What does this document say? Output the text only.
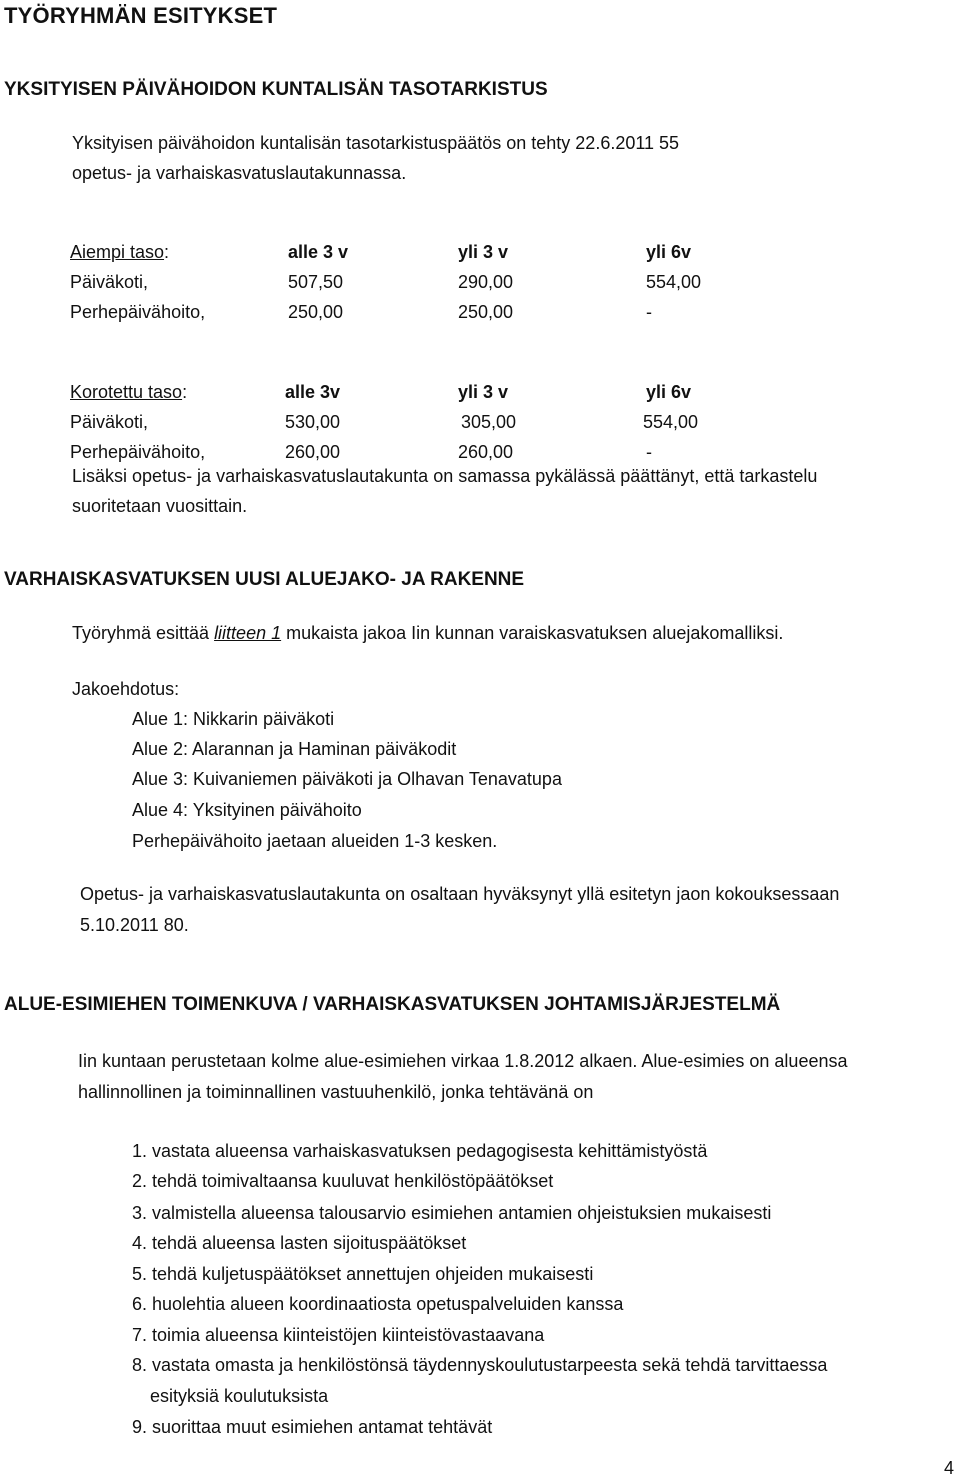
TYÖRYHMÄN ESITYKSET
YKSITYISEN PÄIVÄHOIDON KUNTALISÄN TASOTARKISTUS
Yksityisen päivähoidon kuntalisän tasotarkistuspäätös on tehty 22.6.2011 55
opetus- ja varhaiskasvatuslautakunnassa.
Aiempi taso:	alle 3 v	yli 3 v	yli 6v
Päiväkoti,	507,50	290,00	554,00
Perhepäivähoito,	250,00	250,00	-
Korotettu taso:	alle 3v	yli 3 v	yli 6v
Päiväkoti,	530,00	305,00	554,00
Perhepäivähoito,	260,00	260,00	-
Lisäksi opetus- ja varhaiskasvatuslautakunta on samassa pykälässä päättänyt, että tarkastelu
suoritetaan vuosittain.
VARHAISKASVATUKSEN UUSI ALUEJAKO- JA RAKENNE
Työryhmä esittää liitteen 1 mukaista jakoa Iin kunnan varaiskasvatuksen aluejakomalliksi.
Jakoehdotus:
Alue 1: Nikkarin päiväkoti
Alue 2: Alarannan ja Haminan päiväkodit
Alue 3: Kuivaniemen päiväkoti ja Olhavan Tenavatupa
Alue 4: Yksityinen päivähoito
Perhepäivähoito jaetaan alueiden 1-3 kesken.
Opetus- ja varhaiskasvatuslautakunta on osaltaan hyväksynyt yllä esitetyn jaon kokouksessaan
5.10.2011 80.
ALUE-ESIMIEHEN TOIMENKUVA / VARHAISKASVATUKSEN JOHTAMISJÄRJESTELMÄ
Iin kuntaan perustetaan kolme alue-esimiehen virkaa 1.8.2012 alkaen. Alue-esimies on alueensa
hallinnollinen ja toiminnallinen vastuuhenkilö, jonka tehtävänä on
1. vastata alueensa varhaiskasvatuksen pedagogisesta kehittämistyöstä
2. tehdä toimivaltaansa kuuluvat henkilöstöpäätökset
3. valmistella alueensa talousarvio esimiehen antamien ohjeistuksien mukaisesti
4. tehdä alueensa lasten sijoituspäätökset
5. tehdä kuljetuspäätökset annettujen ohjeiden mukaisesti
6. huolehtia alueen koordinaatiosta opetuspalveluiden kanssa
7. toimia alueensa kiinteistöjen kiinteistövastaavana
8. vastata omasta ja henkilöstönsä täydennyskoulutustarpeesta sekä tehdä tarvittaessa
esityksiä koulutuksista
9. suorittaa muut esimiehen antamat tehtävät
4
